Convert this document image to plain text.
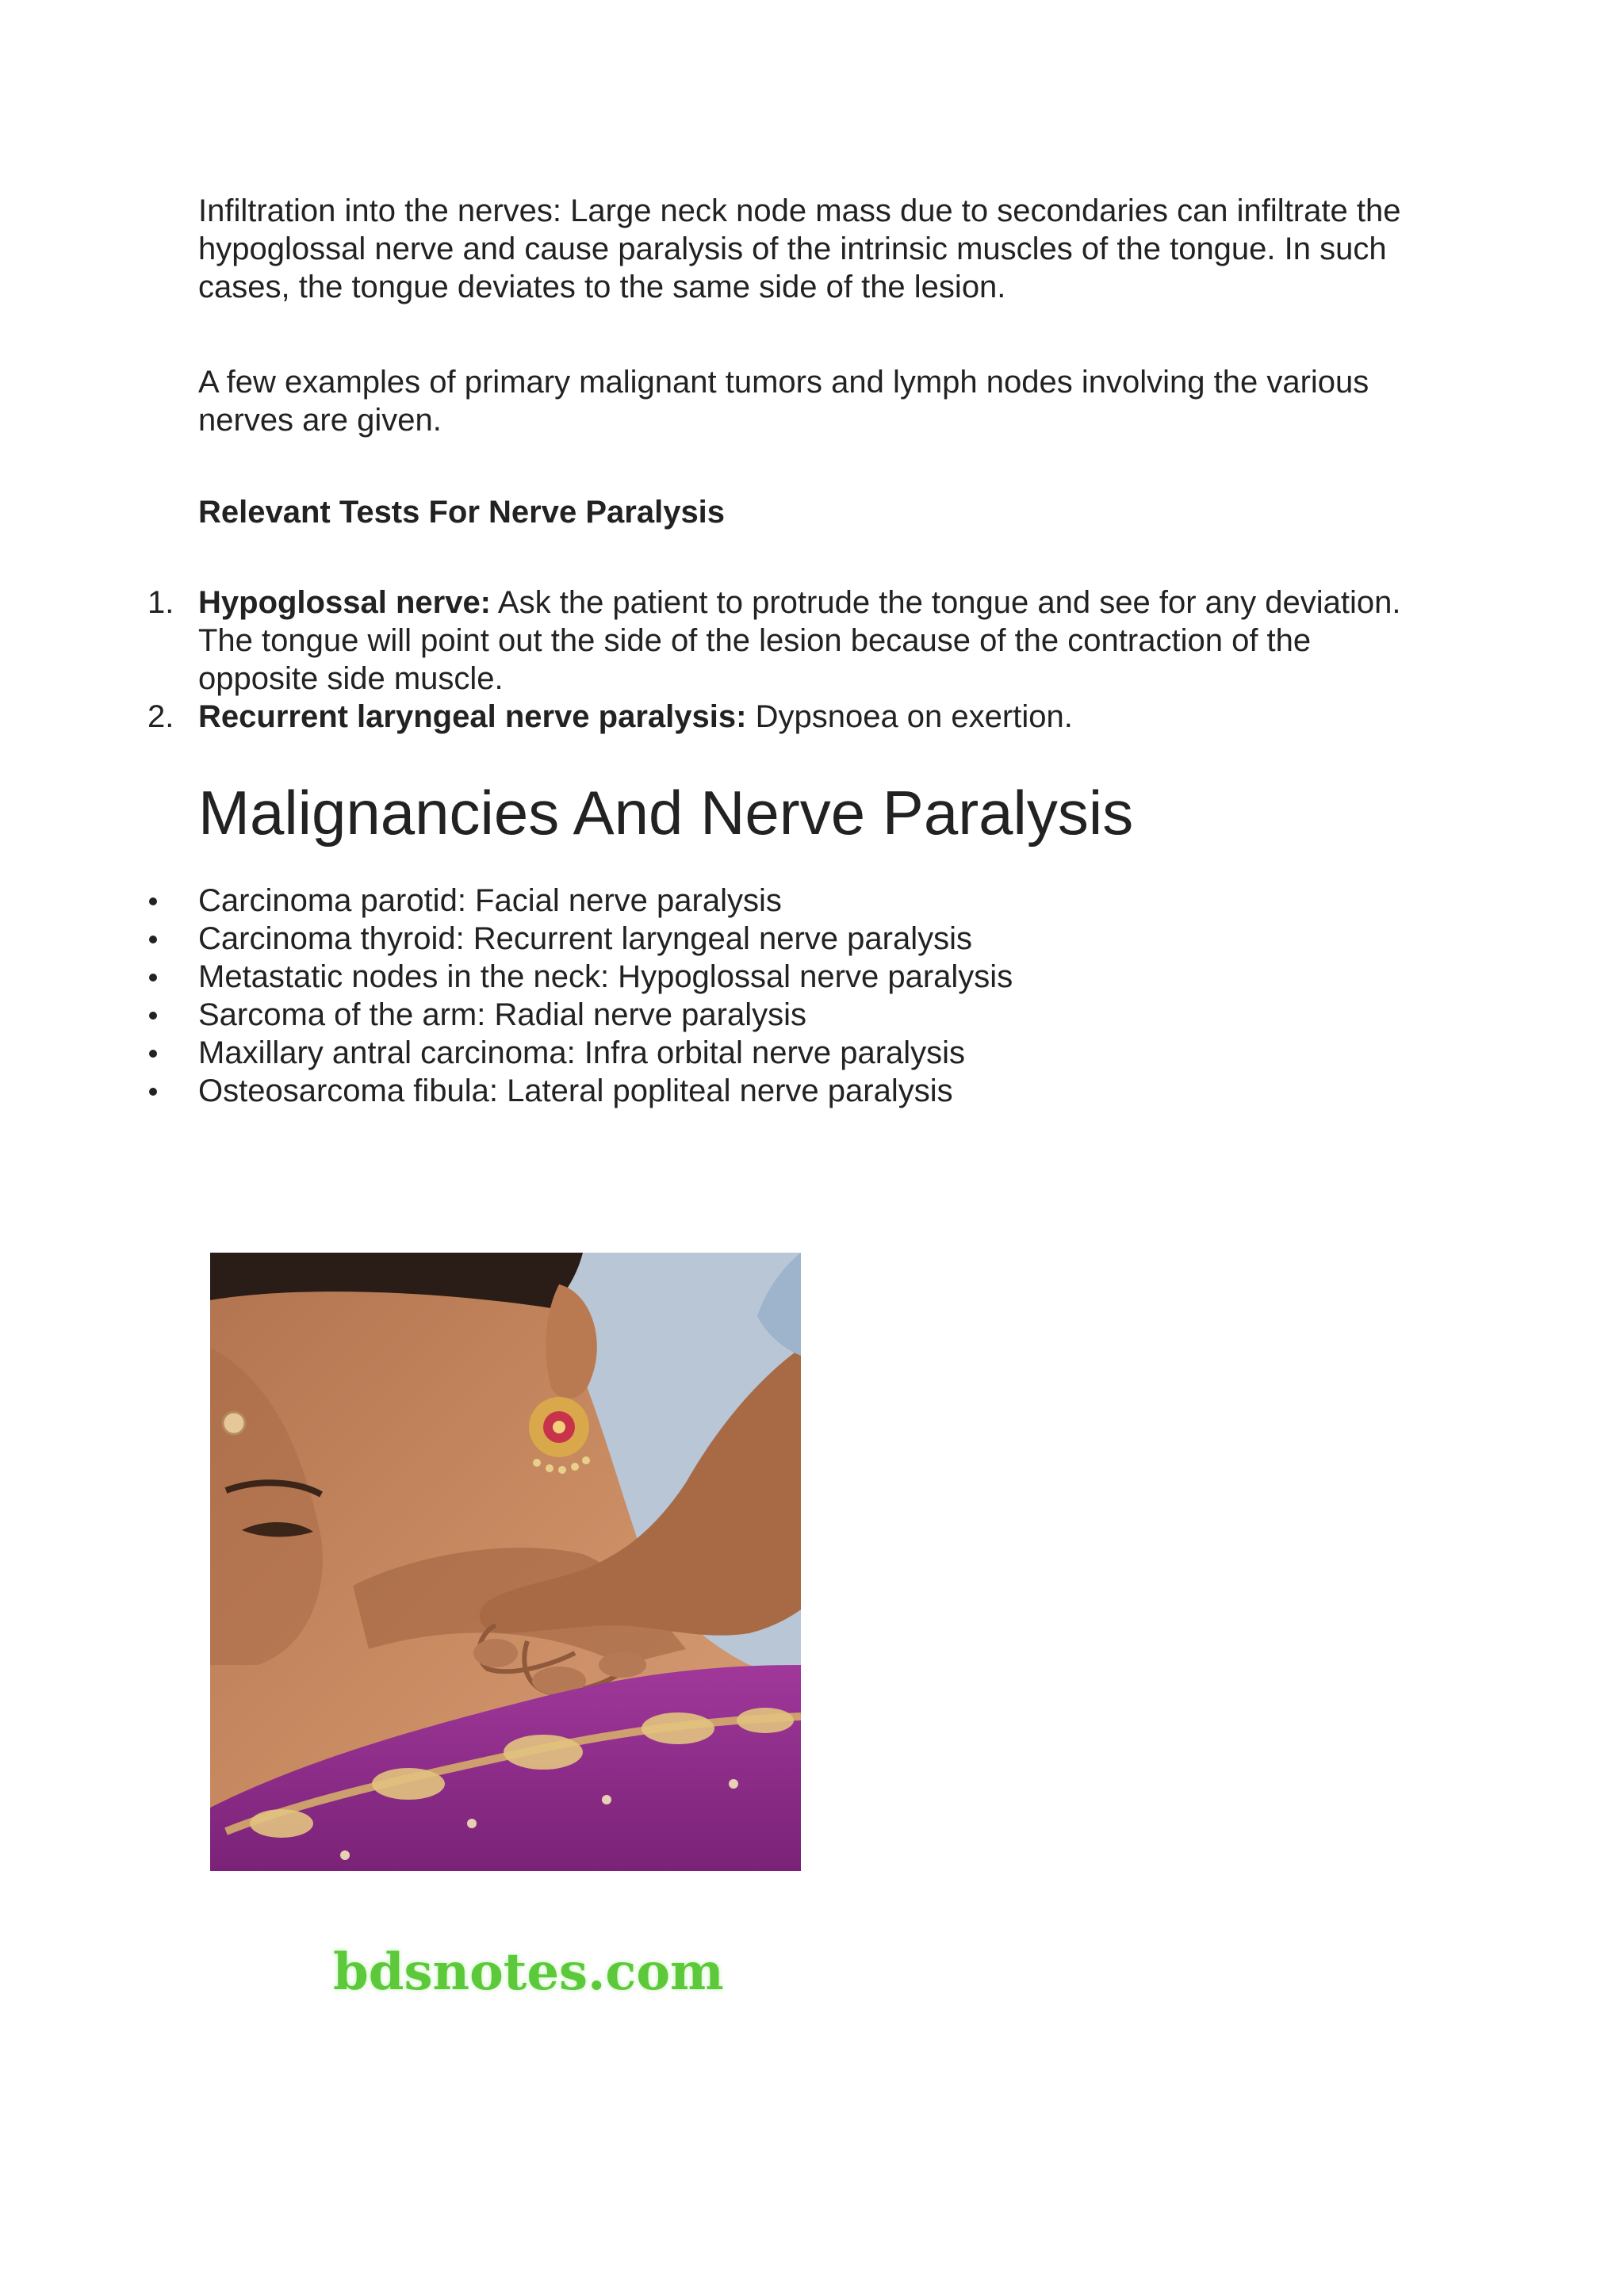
Infiltration into the nerves: Large neck node mass due to secondaries can infiltrate the hypoglossal nerve and cause paralysis of the intrinsic muscles of the tongue. In such cases, the tongue deviates to the same side of the lesion.

A few examples of primary malignant tumors and lymph nodes involving the various nerves are given.

Relevant Tests For Nerve Paralysis
1. Hypoglossal nerve: Ask the patient to protrude the tongue and see for any deviation. The tongue will point out the side of the lesion because of the contraction of the opposite side muscle.
2. Recurrent laryngeal nerve paralysis: Dypsnoea on exertion.
Malignancies And Nerve Paralysis
Carcinoma parotid: Facial nerve paralysis
Carcinoma thyroid: Recurrent laryngeal nerve paralysis
Metastatic nodes in the neck: Hypoglossal nerve paralysis
Sarcoma of the arm: Radial nerve paralysis
Maxillary antral carcinoma: Infra orbital nerve paralysis
Osteosarcoma fibula: Lateral popliteal nerve paralysis
bdsnotes.com
